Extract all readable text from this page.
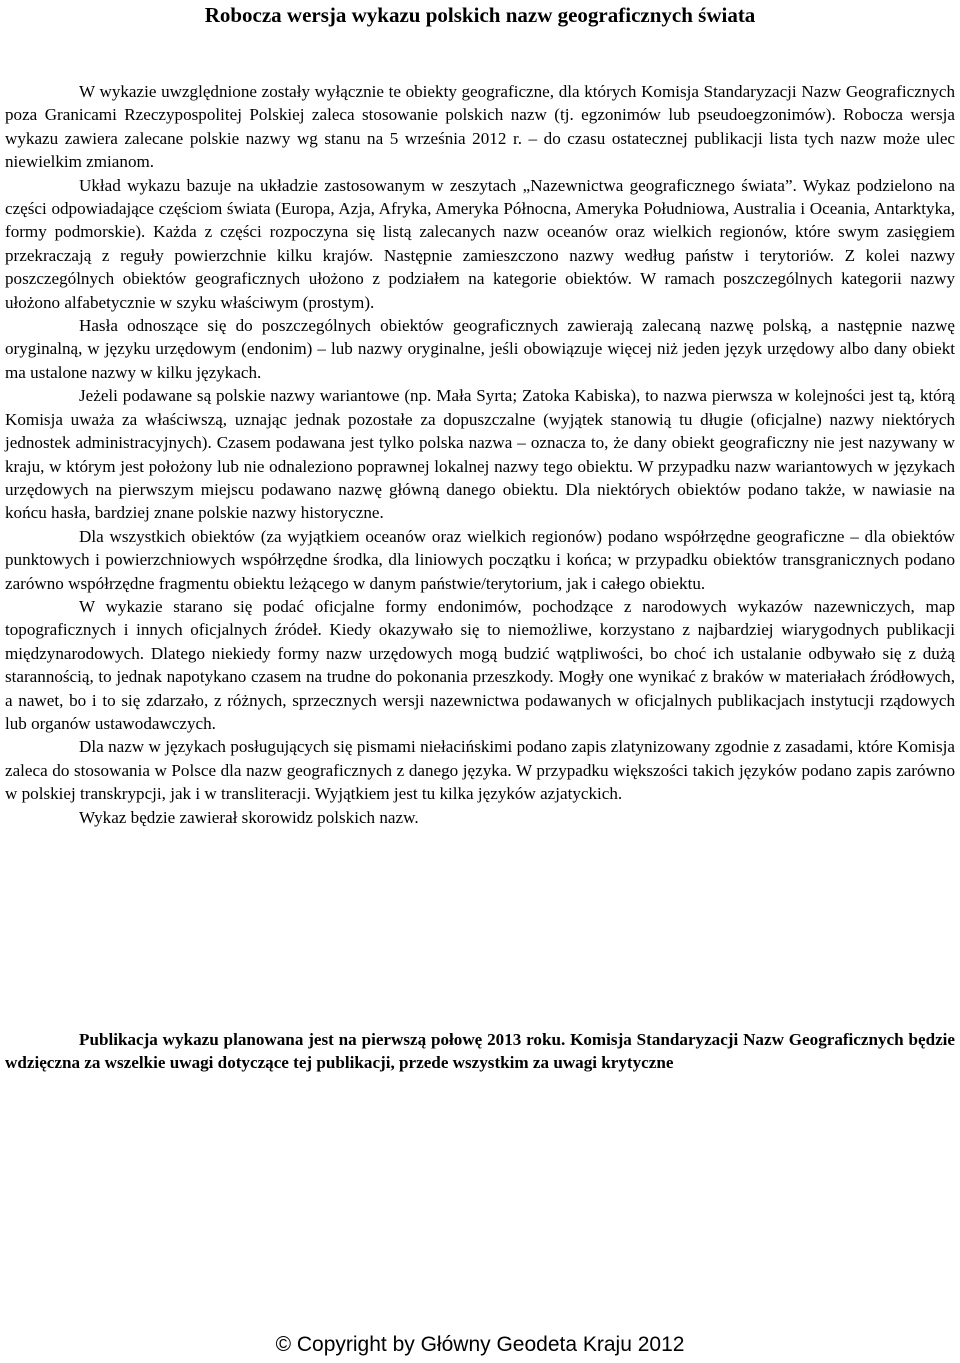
Robocza wersja wykazu polskich nazw geograficznych świata

W wykazie uwzględnione zostały wyłącznie te obiekty geograficzne, dla których Komisja Standaryzacji Nazw Geograficznych poza Granicami Rzeczypospolitej Polskiej zaleca stosowanie polskich nazw (tj. egzonimów lub pseudoegzonimów). Robocza wersja wykazu zawiera zalecane polskie nazwy wg stanu na 5 września 2012 r. – do czasu ostatecznej publikacji lista tych nazw może ulec niewielkim zmianom.

Układ wykazu bazuje na układzie zastosowanym w zeszytach „Nazewnictwa geograficznego świata”. Wykaz podzielono na części odpowiadające częściom świata (Europa, Azja, Afryka, Ameryka Północna, Ameryka Południowa, Australia i Oceania, Antarktyka, formy podmorskie). Każda z części rozpoczyna się listą zalecanych nazw oceanów oraz wielkich regionów, które swym zasięgiem przekraczają z reguły powierzchnie kilku krajów. Następnie zamieszczono nazwy według państw i terytoriów. Z kolei nazwy poszczególnych obiektów geograficznych ułożono z podziałem na kategorie obiektów. W ramach poszczególnych kategorii nazwy ułożono alfabetycznie w szyku właściwym (prostym).

Hasła odnoszące się do poszczególnych obiektów geograficznych zawierają zalecaną nazwę polską, a następnie nazwę oryginalną, w języku urzędowym (endonim) – lub nazwy oryginalne, jeśli obowiązuje więcej niż jeden język urzędowy albo dany obiekt ma ustalone nazwy w kilku językach.

Jeżeli podawane są polskie nazwy wariantowe (np. Mała Syrta; Zatoka Kabiska), to nazwa pierwsza w kolejności jest tą, którą Komisja uważa za właściwszą, uznając jednak pozostałe za dopuszczalne (wyjątek stanowią tu długie (oficjalne) nazwy niektórych jednostek administracyjnych). Czasem podawana jest tylko polska nazwa – oznacza to, że dany obiekt geograficzny nie jest nazywany w kraju, w którym jest położony lub nie odnaleziono poprawnej lokalnej nazwy tego obiektu. W przypadku nazw wariantowych w językach urzędowych na pierwszym miejscu podawano nazwę główną danego obiektu. Dla niektórych obiektów podano także, w nawiasie na końcu hasła, bardziej znane polskie nazwy historyczne.

Dla wszystkich obiektów (za wyjątkiem oceanów oraz wielkich regionów) podano współrzędne geograficzne – dla obiektów punktowych i powierzchniowych współrzędne środka, dla liniowych początku i końca; w przypadku obiektów transgranicznych podano zarówno współrzędne fragmentu obiektu leżącego w danym państwie/terytorium, jak i całego obiektu.

W wykazie starano się podać oficjalne formy endonimów, pochodzące z narodowych wykazów nazewniczych, map topograficznych i innych oficjalnych źródeł. Kiedy okazywało się to niemożliwe, korzystano z najbardziej wiarygodnych publikacji międzynarodowych. Dlatego niekiedy formy nazw urzędowych mogą budzić wątpliwości, bo choć ich ustalanie odbywało się z dużą starannością, to jednak napotykano czasem na trudne do pokonania przeszkody. Mogły one wynikać z braków w materiałach źródłowych, a nawet, bo i to się zdarzało, z różnych, sprzecznych wersji nazewnictwa podawanych w oficjalnych publikacjach instytucji rządowych lub organów ustawodawczych.

Dla nazw w językach posługujących się pismami niełacińskimi podano zapis zlatynizowany zgodnie z zasadami, które Komisja zaleca do stosowania w Polsce dla nazw geograficznych z danego języka. W przypadku większości takich języków podano zapis zarówno w polskiej transkrypcji, jak i w transliteracji. Wyjątkiem jest tu kilka języków azjatyckich.

Wykaz będzie zawierał skorowidz polskich nazw.

Publikacja wykazu planowana jest na pierwszą połowę 2013 roku. Komisja Standaryzacji Nazw Geograficznych będzie wdzięczna za wszelkie uwagi dotyczące tej publikacji, przede wszystkim za uwagi krytyczne

© Copyright by Główny Geodeta Kraju 2012
